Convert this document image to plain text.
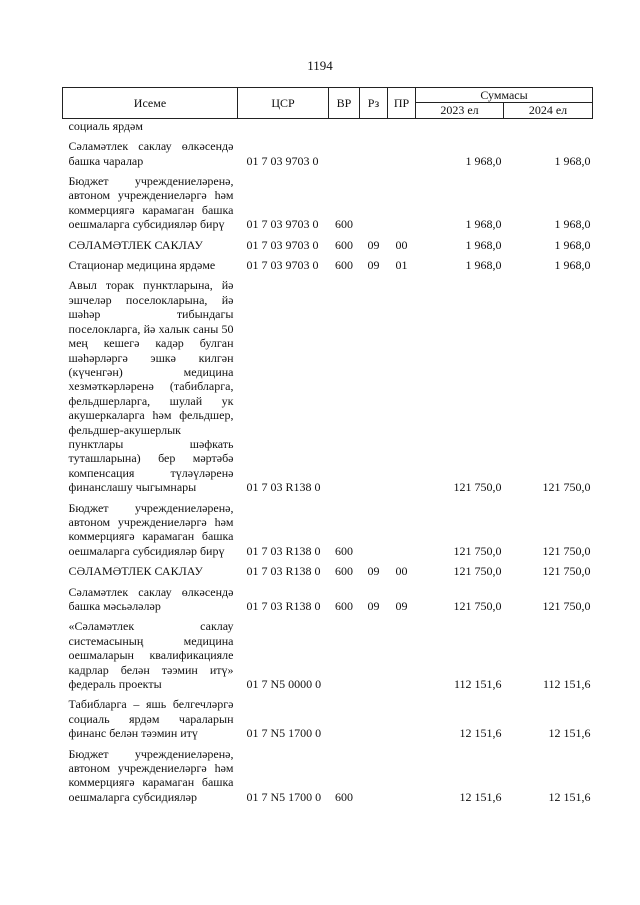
1194
Исеме	ЦСР	ВР	Рз	ПР	Суммасы	
					2023 ел	2024 ел
социаль ярдәм						
Сәламәтлек саклау өлкәсендә башка чаралар	01 7 03 9703 0				1 968,0	1 968,0
Бюджет учреждениеләренә, автоном учреждениеләргә һәм коммерциягә карамаган башка оешмаларга субсидияләр бирү	01 7 03 9703 0	600			1 968,0	1 968,0
СӘЛАМӘТЛЕК САКЛАУ	01 7 03 9703 0	600	09	00	1 968,0	1 968,0
Стационар медицина ярдәме	01 7 03 9703 0	600	09	01	1 968,0	1 968,0
Авыл торак пунктларына, йә эшчеләр поселокларына, йә шәһәр тибындагы поселокларга, йә халык саны 50 мең кешегә кадәр булган шәһәрләргә эшкә килгән (күченгән) медицина хезмәткәрләренә (табибларга, фельдшерларга, шулай ук акушеркаларга һәм фельдшер, фельдшер-акушерлык пунктлары шәфкать туташларына) бер мәртәбә компенсация түләүләренә финанслашу чыгымнары	01 7 03 R138 0				121 750,0	121 750,0
Бюджет учреждениеләренә, автоном учреждениеләргә һәм коммерциягә карамаган башка оешмаларга субсидияләр бирү	01 7 03 R138 0	600			121 750,0	121 750,0
СӘЛАМӘТЛЕК САКЛАУ	01 7 03 R138 0	600	09	00	121 750,0	121 750,0
Сәламәтлек саклау өлкәсендә башка мәсьәләләр	01 7 03 R138 0	600	09	09	121 750,0	121 750,0
«Сәламәтлек саклау системасының медицина оешмаларын квалификацияле кадрлар белән тәэмин итү» федераль проекты	01 7 N5 0000 0				112 151,6	112 151,6
Табибларга – яшь белгечләргә социаль ярдәм чараларын финанс белән тәэмин итү	01 7 N5 1700 0				12 151,6	12 151,6
Бюджет учреждениеләренә, автоном учреждениеләргә һәм коммерциягә карамаган башка оешмаларга субсидияләр	01 7 N5 1700 0	600			12 151,6	12 151,6
